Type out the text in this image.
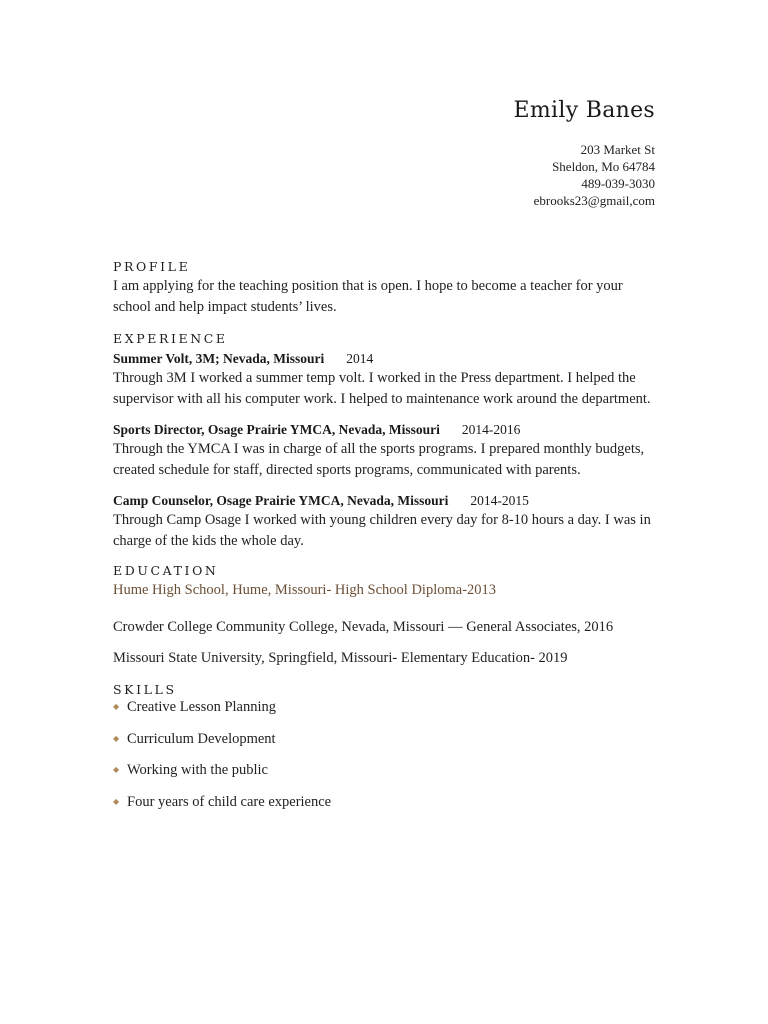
Emily Banes
203 Market St
Sheldon, Mo 64784
489-039-3030
ebrooks23@gmail,com
PROFILE

I am applying for the teaching position that is open. I hope to become a teacher for your school and help impact students’ lives.

EXPERIENCE
Summer Volt, 3M; Nevada, Missouri 2014

Through 3M I worked a summer temp volt. I worked in the Press department. I helped the supervisor with all his computer work. I helped to maintenance work around the department.

Sports Director, Osage Prairie YMCA, Nevada, Missouri 2014-2016

Through the YMCA I was in charge of all the sports programs. I prepared monthly budgets, created schedule for staff, directed sports programs, communicated with parents.

Camp Counselor, Osage Prairie YMCA, Nevada, Missouri 2014-2015

Through Camp Osage I worked with young children every day for 8-10 hours a day. I was in charge of the kids the whole day.

EDUCATION

Hume High School, Hume, Missouri- High School Diploma-2013

Crowder College Community College, Nevada, Missouri — General Associates, 2016

Missouri State University, Springfield, Missouri- Elementary Education- 2019

SKILLS
◆ Creative Lesson Planning
◆ Curriculum Development
◆ Working with the public
◆ Four years of child care experience
